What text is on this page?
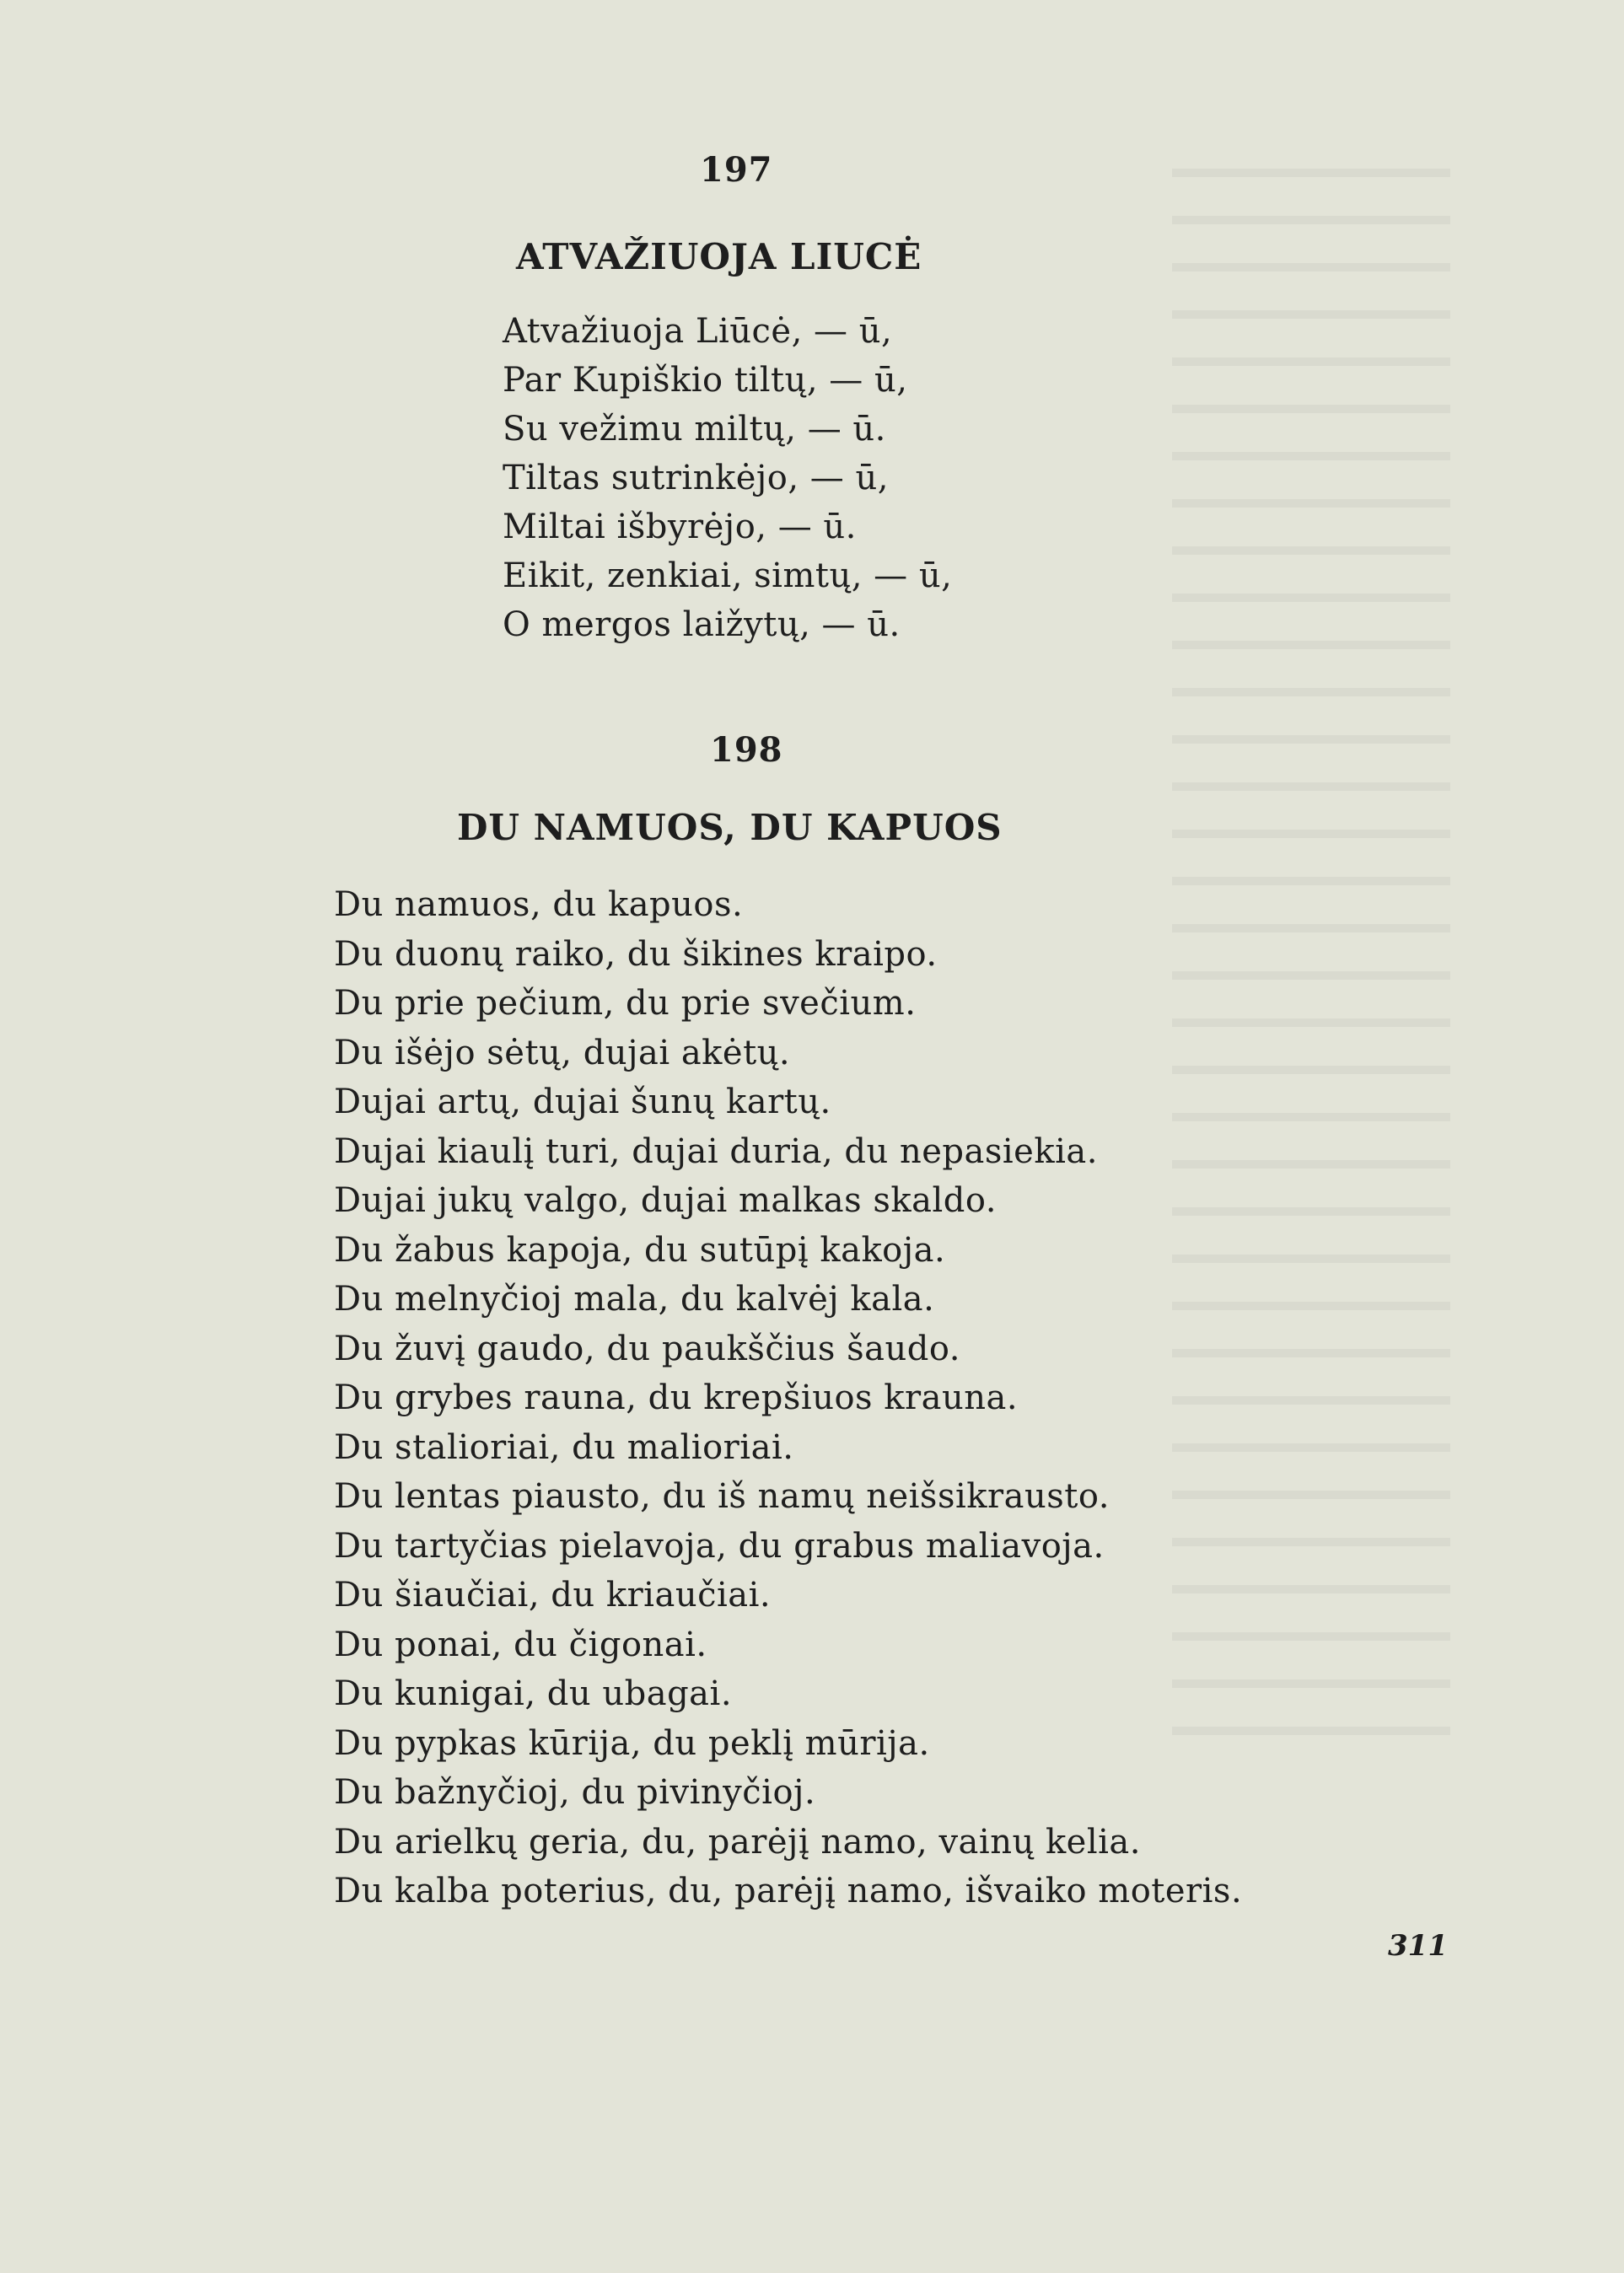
197
ATVAŽIUOJA LIUCĖ
Atvažiuoja Liūcė, — ū,
Par Kupiškio tiltų, — ū,
Su vežimu miltų, — ū.
Tiltas sutrinkėjo, — ū,
Miltai išbyrėjo, — ū.
Eikit, zenkiai, simtų, — ū,
O mergos laižytų, — ū.
198
DU NAMUOS, DU KAPUOS
Du namuos, du kapuos.
Du duonų raiko, du šikines kraipo.
Du prie pečium, du prie svečium.
Du išėjo sėtų, dujai akėtų.
Dujai artų, dujai šunų kartų.
Dujai kiaulį turi, dujai duria, du nepasiekia.
Dujai jukų valgo, dujai malkas skaldo.
Du žabus kapoja, du sutūpį kakoja.
Du melnyčioj mala, du kalvėj kala.
Du žuvį gaudo, du paukščius šaudo.
Du grybes rauna, du krepšiuos krauna.
Du stalioriai, du malioriai.
Du lentas piausto, du iš namų neišsikrausto.
Du tartyčias pielavoja, du grabus maliavoja.
Du šiaučiai, du kriaučiai.
Du ponai, du čigonai.
Du kunigai, du ubagai.
Du pypkas kūrija, du peklį mūrija.
Du bažnyčioj, du pivinyčioj.
Du arielkų geria, du, parėjį namo, vainų kelia.
Du kalba poterius, du, parėjį namo, išvaiko moteris.
311
